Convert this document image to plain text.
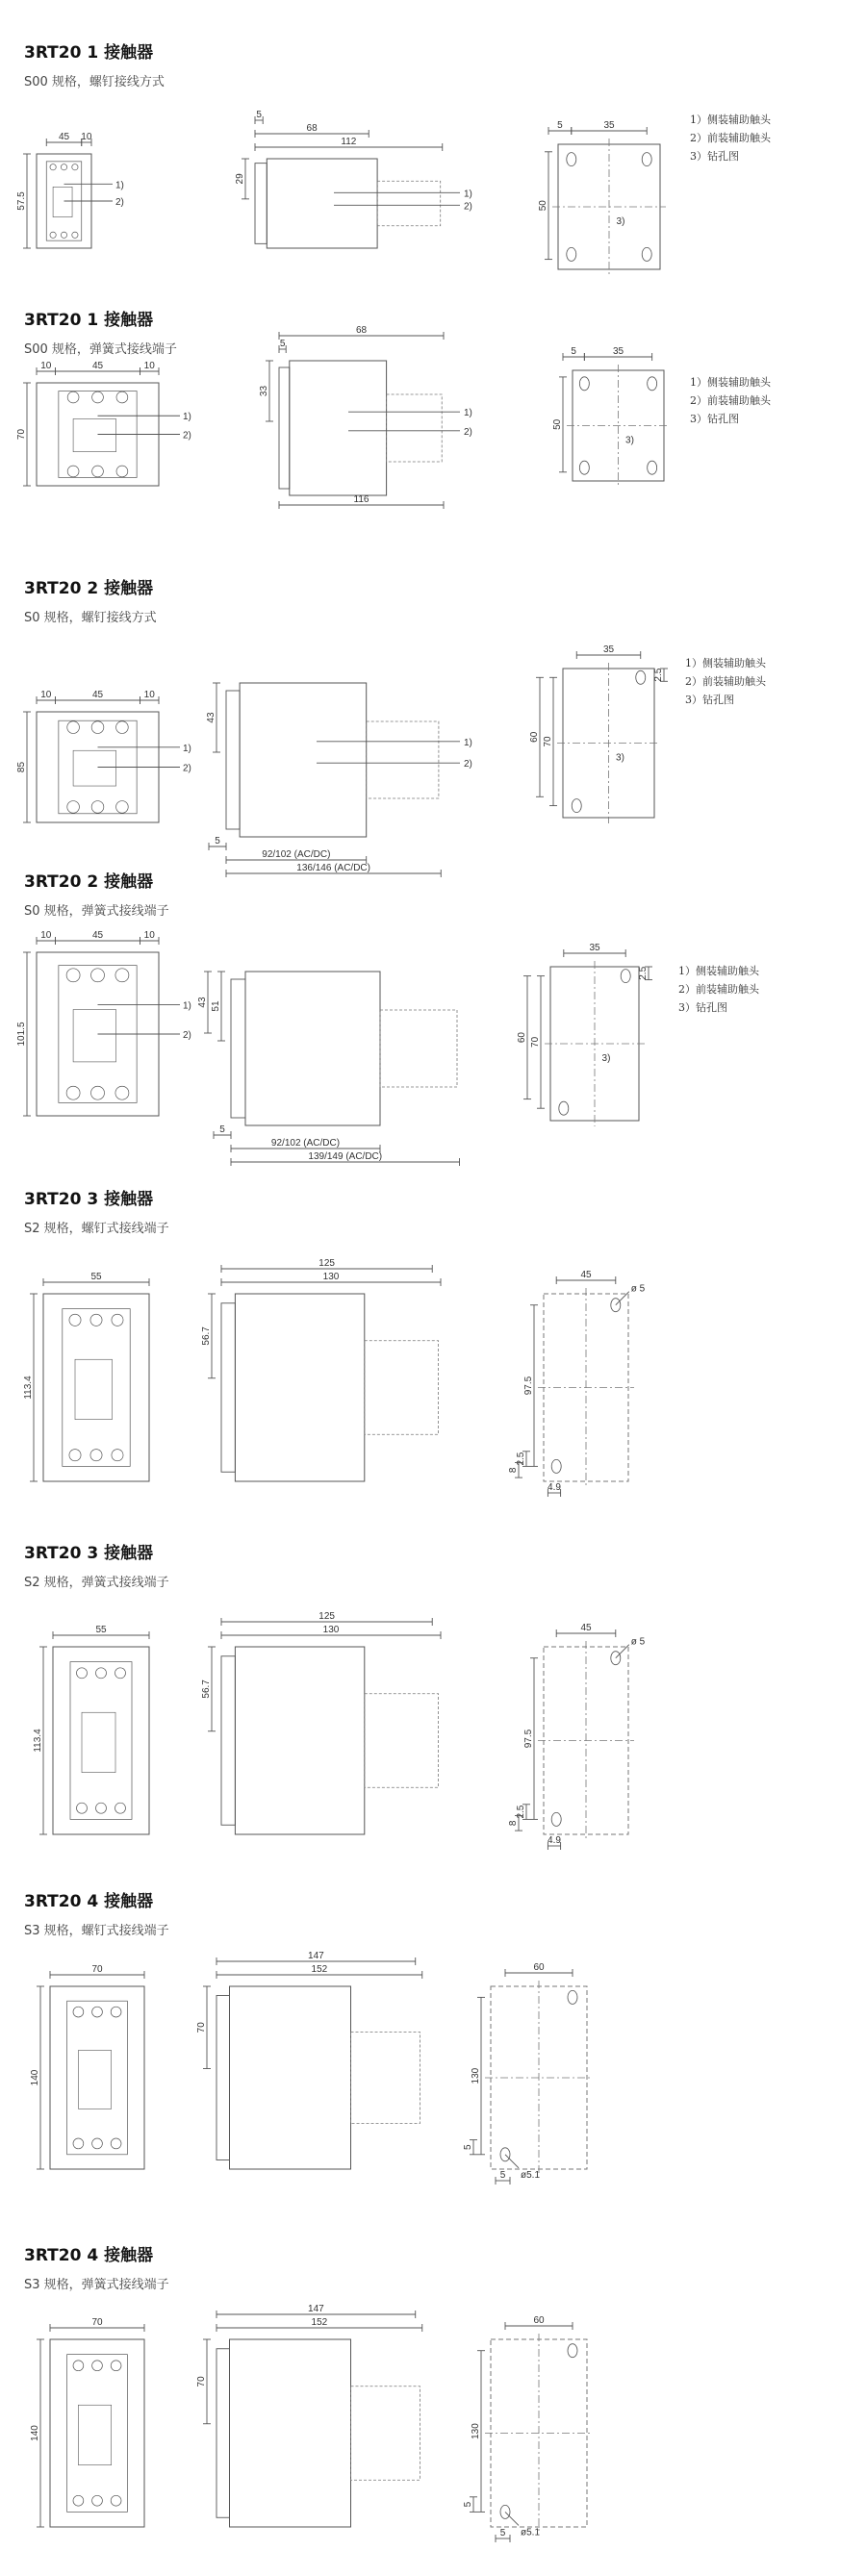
45 10
57.5
1)
2)
112
68
5
29
1)
2)
5	35
50
3)
10	45	10
70
1)
2)
5
68
33
116
1)
2)
5	35
50
3)
10	45	10
85
1)
2)
43
5
92/102 (AC/DC)
136/146 (AC/DC)
1)
2)
35
70
60
2.5
3)
10	45	10
101.5
1)
2)
51
43
5
92/102 (AC/DC)
139/149 (AC/DC)
35
70
60
2.5
3)
55
113.4
130
125
56.7
45
97.5
2.5
8
4.9
ø 5
55
113.4
130
125
56.7
45
97.5
2.5
8
4.9
ø 5
70
140
152
147
70
60
130
5
5 ø5.1
70
140
152
147
70
60
130
5
5 ø5.1
3RT20 1 接触器
S00 规格，螺钉接线方式
1）侧装辅助触头
2）前装辅助触头
3）钻孔图
3RT20 1 接触器
S00 规格，弹簧式接线端子
1）侧装辅助触头
2）前装辅助触头
3）钻孔图
3RT20 2 接触器
S0 规格，螺钉接线方式
1）侧装辅助触头
2）前装辅助触头
3）钻孔图
3RT20 2 接触器
S0 规格，弹簧式接线端子
1）侧装辅助触头
2）前装辅助触头
3）钻孔图
3RT20 3 接触器
S2 规格，螺钉式接线端子
3RT20 3 接触器
S2 规格，弹簧式接线端子
3RT20 4 接触器
S3 规格，螺钉式接线端子
3RT20 4 接触器
S3 规格，弹簧式接线端子
